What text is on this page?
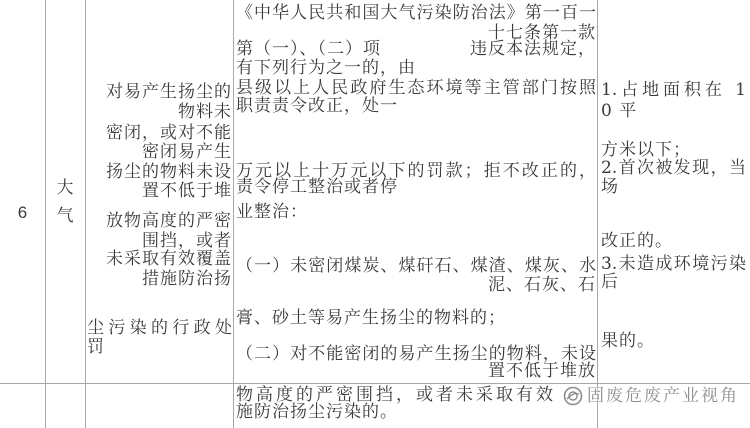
6
大
气
对易产生扬尘的
物料未
密闭，或对不能
密闭易产生
扬尘的物料未设
置不低于堆
放物高度的严密
围挡，或者
未采取有效覆盖
措施防治扬
尘污染的行政处
罚
《中华人民共和国大气污染防治法》第一百一
十七条第一款
第（一）、（二）项	违反本法规定，
有下列行为之一的，由
县级以上人民政府生态环境等主管部门按照
职责责令改正，处一
万元以上十万元以下的罚款；拒不改正的，
责令停工整治或者停
业整治：
（一）未密闭煤炭、煤矸石、煤渣、煤灰、水
泥、石灰、石
膏、砂土等易产生扬尘的物料的；
（二）对不能密闭的易产生扬尘的物料，未设
置不低于堆放
物高度的严密围挡，或者未采取有效
施防治扬尘污染的。
1.占地面积在 1
0 平
方米以下；
2.首次被发现，当
场
改正的。
3.未造成环境污染
后
果的。
固废危废产业视角
